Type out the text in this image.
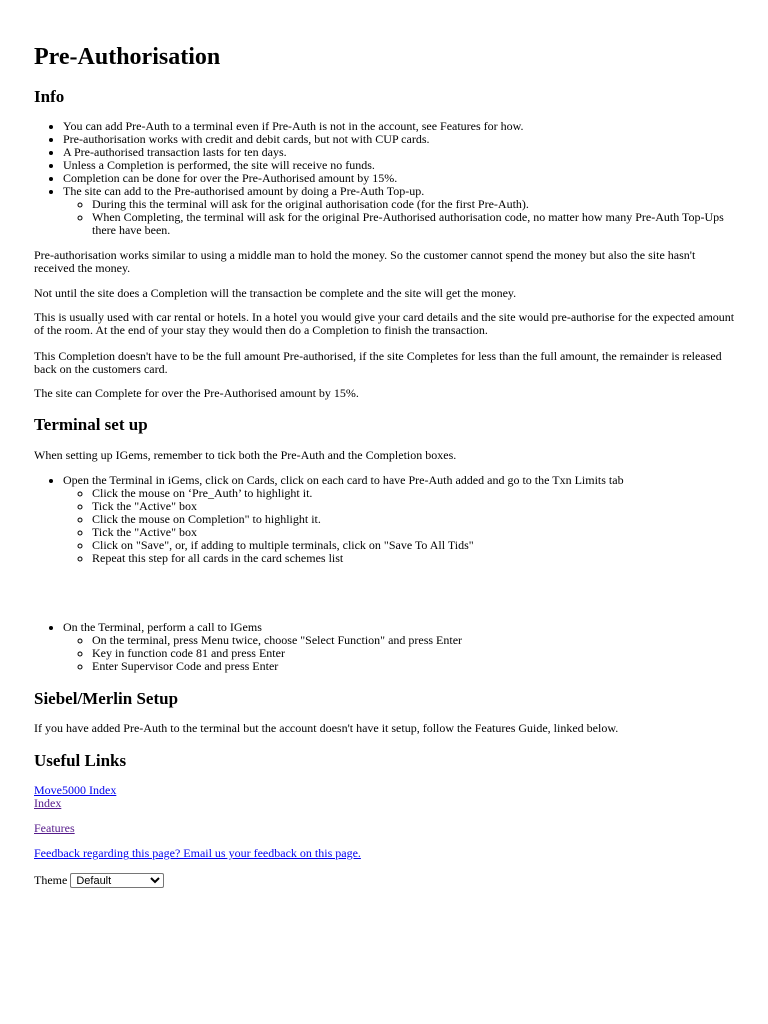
Pre-Authorisation
Info
• You can add Pre-Auth to a terminal even if Pre-Auth is not in the account, see Features for how.
• Pre-authorisation works with credit and debit cards, but not with CUP cards.
• A Pre-authorised transaction lasts for ten days.
• Unless a Completion is performed, the site will receive no funds.
• Completion can be done for over the Pre-Authorised amount by 15%.
• The site can add to the Pre-authorised amount by doing a Pre-Auth Top-up.
◦ During this the terminal will ask for the original authorisation code (for the first Pre-Auth).
◦ When Completing, the terminal will ask for the original Pre-Authorised authorisation code, no matter how many Pre-Auth Top-Ups there have been.

Pre-authorisation works similar to using a middle man to hold the money. So the customer cannot spend the money but also the site hasn't received the money.

Not until the site does a Completion will the transaction be complete and the site will get the money.

This is usually used with car rental or hotels. In a hotel you would give your card details and the site would pre-authorise for the expected amount of the room. At the end of your stay they would then do a Completion to finish the transaction.

This Completion doesn't have to be the full amount Pre-authorised, if the site Completes for less than the full amount, the remainder is released back on the customers card.

The site can Complete for over the Pre-Authorised amount by 15%.

Terminal set up

When setting up IGems, remember to tick both the Pre-Auth and the Completion boxes.

• Open the Terminal in iGems, click on Cards, click on each card to have Pre-Auth added and go to the Txn Limits tab
◦ Click the mouse on ‘Pre_Auth’ to highlight it.
◦ Tick the "Active" box
◦ Click the mouse on Completion" to highlight it.
◦ Tick the "Active" box
◦ Click on "Save", or, if adding to multiple terminals, click on "Save To All Tids"
◦ Repeat this step for all cards in the card schemes list
• On the Terminal, perform a call to IGems
◦ On the terminal, press Menu twice, choose "Select Function" and press Enter
◦ Key in function code 81 and press Enter
◦ Enter Supervisor Code and press Enter
Siebel/Merlin Setup

If you have added Pre-Auth to the terminal but the account doesn't have it setup, follow the Features Guide, linked below.

Useful Links

Move5000 Index
Index

Features

Feedback regarding this page? Email us your feedback on this page.

Theme
Default
